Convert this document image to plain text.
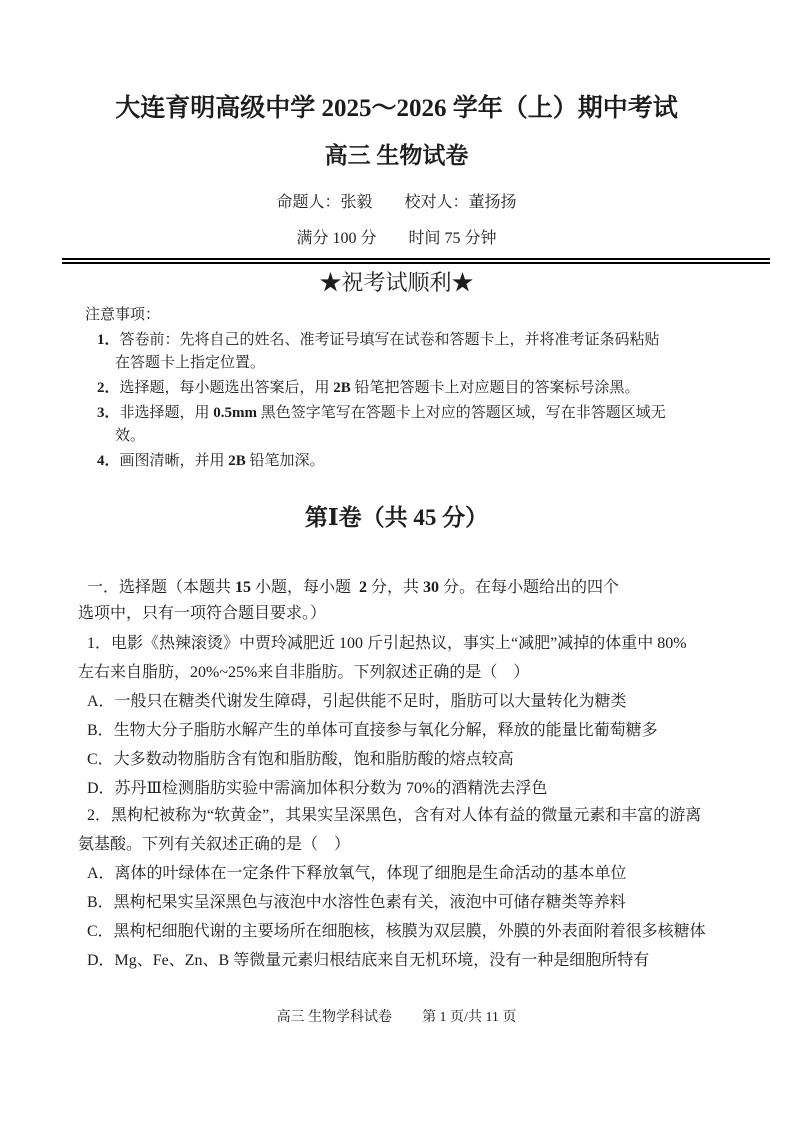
大连育明高级中学 2025～2026 学年（上）期中考试
高三 生物试卷
命题人：张毅　　校对人：董扬扬
满分 100 分　　时间 75 分钟
★祝考试顺利★
注意事项：
1．答卷前：先将自己的姓名、准考证号填写在试卷和答题卡上，并将准考证条码粘贴
在答题卡上指定位置。
2．选择题，每小题选出答案后，用 2B 铅笔把答题卡上对应题目的答案标号涂黑。
3．非选择题，用 0.5mm 黑色签字笔写在答题卡上对应的答题区域，写在非答题区域无
效。
4．画图清晰，并用 2B 铅笔加深。
第Ⅰ卷（共 45 分）
一．选择题（本题共 15 小题，每小题  2 分，共 30 分。在每小题给出的四个
选项中，只有一项符合题目要求。）
1．电影《热辣滚烫》中贾玲减肥近 100 斤引起热议，事实上“减肥”减掉的体重中 80%
左右来自脂肪，20%~25%来自非脂肪。下列叙述正确的是（　）
A．一般只在糖类代谢发生障碍，引起供能不足时，脂肪可以大量转化为糖类
B．生物大分子脂肪水解产生的单体可直接参与氧化分解，释放的能量比葡萄糖多
C．大多数动物脂肪含有饱和脂肪酸，饱和脂肪酸的熔点较高
D．苏丹Ⅲ检测脂肪实验中需滴加体积分数为 70%的酒精洗去浮色
2．黑枸杞被称为“软黄金”，其果实呈深黑色，含有对人体有益的微量元素和丰富的游离
氨基酸。下列有关叙述正确的是（　）
A．离体的叶绿体在一定条件下释放氧气，体现了细胞是生命活动的基本单位
B．黑枸杞果实呈深黑色与液泡中水溶性色素有关，液泡中可储存糖类等养料
C．黑枸杞细胞代谢的主要场所在细胞核，核膜为双层膜，外膜的外表面附着很多核糖体
D．Mg、Fe、Zn、B 等微量元素归根结底来自无机环境，没有一种是细胞所特有
高三 生物学科试卷 第 1 页/共 11 页
